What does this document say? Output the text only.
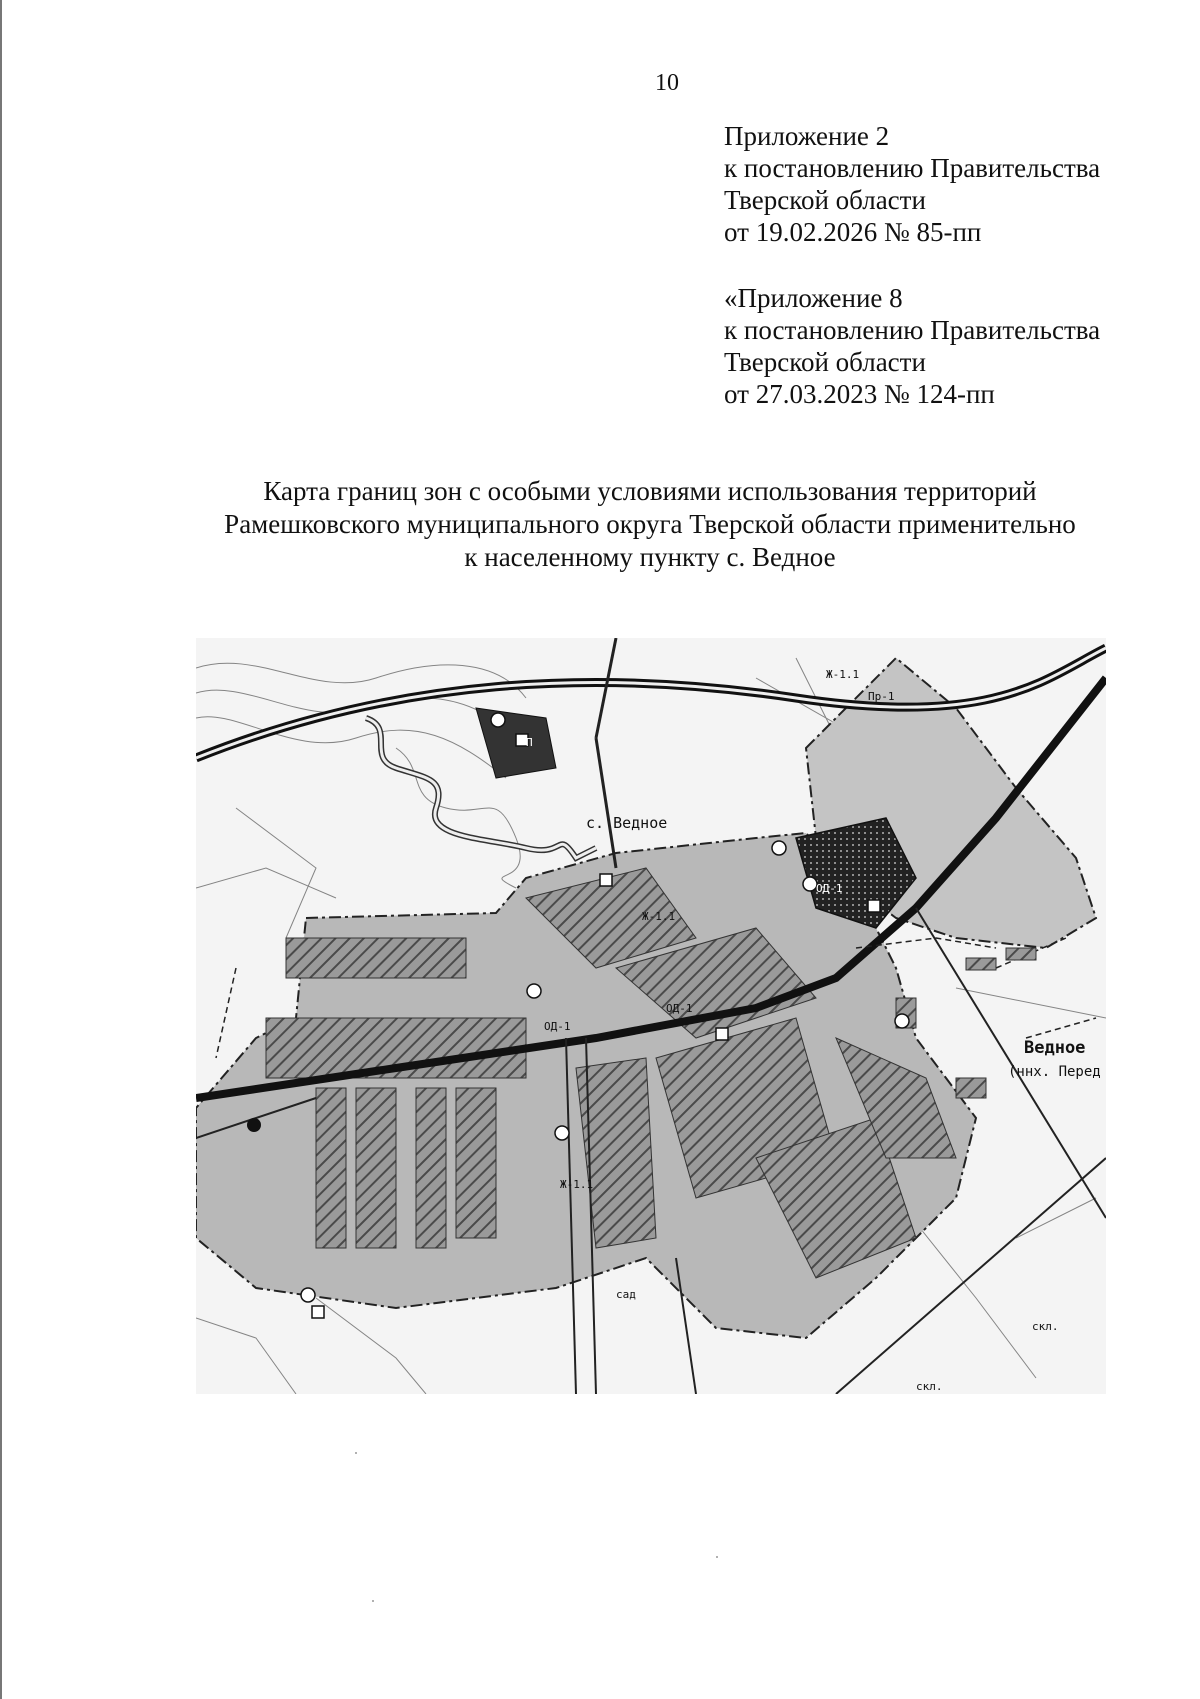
10
Приложение 2
к постановлению Правительства
Тверской области
от 19.02.2026 № 85-пп
«Приложение 8
к постановлению Правительства
Тверской области
от 27.03.2023 № 124-пп
Карта границ зон с особыми условиями использования территорий
Рамешковского муниципального округа Тверской области применительно
к населенному пункту с. Ведное
с. Ведное
Ведное
(ннх. Перед
Ж-1.1
Ж-1.1
Ж-1.1
ОД-1
ОД-1
ОД-1
Пр-1
П
сад
скл.
скл.
